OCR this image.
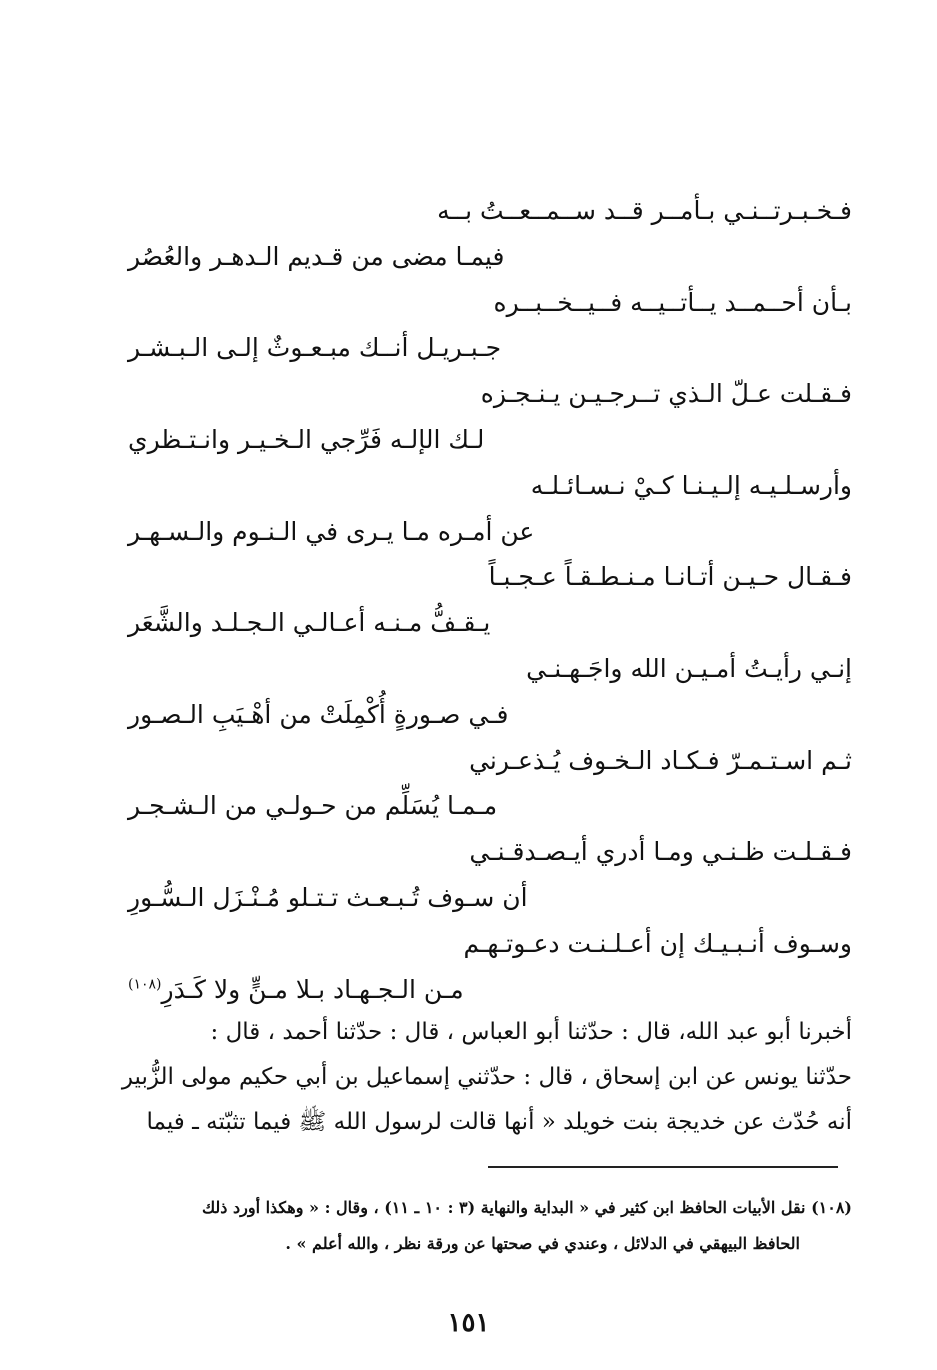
فـخـبـرتــنـي بـأمــر قــد ســمــعــتُ بــه
فيمـا مضى من قـديم الـدهـر والعُصُر
بـأن أحــمــد يــأتــيــه فــيــخــبــره
جـبـريـل أنــك مبـعـوثٌ إلـى الـبـشـر
فـقـلت عـلّ الـذي تــرجـيـن يـنـجـزه
لـك الإلـه فَرِّجي الـخـيـر وانـتـظري
وأرسـلـيـه إلـيـنـا كـيْ نـسـائـلـه
عن أمـره مـا يـرى في الـنـوم والـسـهـر
فـقـال حـيـن أتـانـا مـنـطـقـاً عـجـبـاً
يـقـفُّ مـنـه أعـالـي الـجـلـد والشَّعَر
إنـي رأيـتُ أمـيـن الله واجَـهـنـي
فـي صـورةٍ أُكْمِلَتْ من أهْـيَبِ الـصـور
ثـم اسـتـمـرّ فـكـاد الـخـوف يُـذعـرني
مـمـا يُسَلِّم من حـولـي من الـشـجـر
فـقـلـت ظـنـي ومـا أدري أيـصـدقـنـي
أن سـوف تُـبـعـث تـتـلو مُـنْـزَل الـسُّـورِ
وسـوف أنـبـيـك إن أعـلـنـت دعـوتـهـم
مـن الـجـهـاد بـلا مـنٍّ ولا كَـدَرِ$^{(١٠٨)}$

أخبرنا أبو عبد الله، قال : حدّثنا أبو العباس ، قال : حدّثنا أحمد ، قال :

حدّثنا يونس عن ابن إسحاق ، قال : حدّثني إسماعيل بن أبي حكيم مولى الزُّبير

أنه حُدّث عن خديجة بنت خويلد « أنها قالت لرسول الله ﷺ فيما تثبّته ـ فيما

(١٠٨) نقل الأبيات الحافظ ابن كثير في « البداية والنهاية (٣ : ١٠ ـ ١١) ، وقال : « وهكذا أورد ذلك

الحافظ البيهقي في الدلائل ، وعندي في صحتها عن ورقة نظر ، والله أعلم » .

١٥١
